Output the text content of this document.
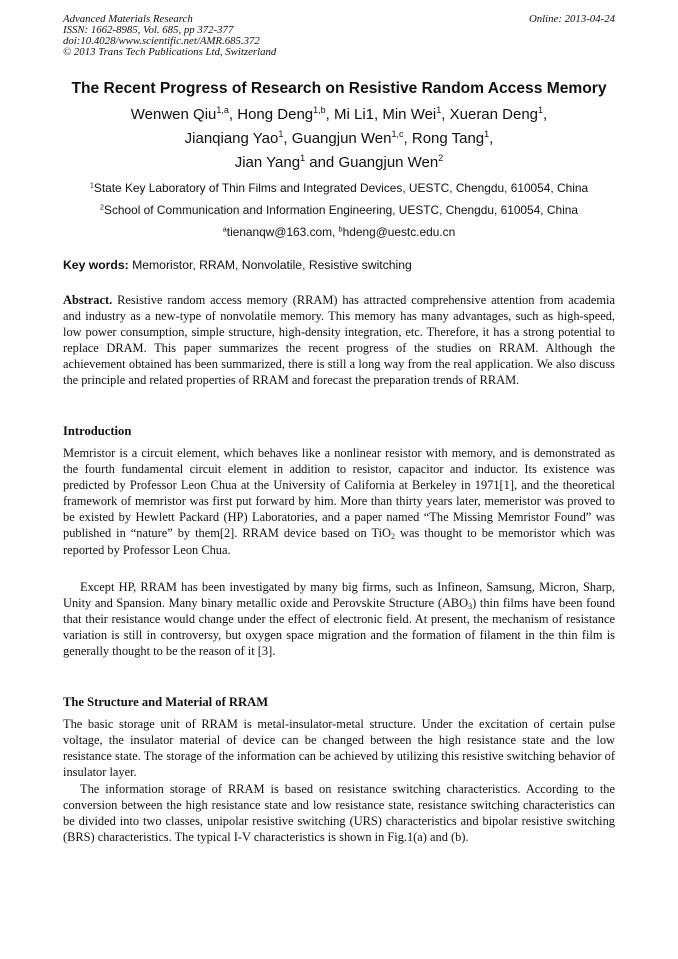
Advanced Materials Research
ISSN: 1662-8985, Vol. 685, pp 372-377
doi:10.4028/www.scientific.net/AMR.685.372
© 2013 Trans Tech Publications Ltd, Switzerland
Online: 2013-04-24
The Recent Progress of Research on Resistive Random Access Memory
Wenwen Qiu$^{1,a}$, Hong Deng$^{1,b}$, Mi Li1, Min Wei$^1$, Xueran Deng$^1$,
Jianqiang Yao$^1$, Guangjun Wen$^{1,c}$, Rong Tang$^1$,
Jian Yang$^1$ and Guangjun Wen$^2$
$^1$State Key Laboratory of Thin Films and Integrated Devices, UESTC, Chengdu, 610054, China
$^2$School of Communication and Information Engineering, UESTC, Chengdu, 610054, China
$^a$tienanqw@163.com, $^b$hdeng@uestc.edu.cn
Key words: Memoristor, RRAM, Nonvolatile, Resistive switching
Abstract. Resistive random access memory (RRAM) has attracted comprehensive attention from academia and industry as a new-type of nonvolatile memory. This memory has many advantages, such as high-speed, low power consumption, simple structure, high-density integration, etc. Therefore, it has a strong potential to replace DRAM. This paper summarizes the recent progress of the studies on RRAM. Although the achievement obtained has been summarized, there is still a long way from the real application. We also discuss the principle and related properties of RRAM and forecast the preparation trends of RRAM.
Introduction
Memristor is a circuit element, which behaves like a nonlinear resistor with memory, and is demonstrated as the fourth fundamental circuit element in addition to resistor, capacitor and inductor. Its existence was predicted by Professor Leon Chua at the University of California at Berkeley in 1971[1], and the theoretical framework of memristor was first put forward by him. More than thirty years later, memeristor was proved to be existed by Hewlett Packard (HP) Laboratories, and a paper named “The Missing Memristor Found” was published in “nature” by them[2]. RRAM device based on TiO$_2$ was thought to be memoristor which was reported by Professor Leon Chua.
Except HP, RRAM has been investigated by many big firms, such as Infineon, Samsung, Micron, Sharp, Unity and Spansion. Many binary metallic oxide and Perovskite Structure $(ABO_3)$ thin films have been found that their resistance would change under the effect of electronic field. At present, the mechanism of resistance variation is still in controversy, but oxygen space migration and the formation of filament in the thin film is generally thought to be the reason of it [3].
The Structure and Material of RRAM
The basic storage unit of RRAM is metal-insulator-metal structure. Under the excitation of certain pulse voltage, the insulator material of device can be changed between the high resistance state and the low resistance state. The storage of the information can be achieved by utilizing this resistive switching behavior of insulator layer.
The information storage of RRAM is based on resistance switching characteristics. According to the conversion between the high resistance state and low resistance state, resistance switching characteristics can be divided into two classes, unipolar resistive switching (URS) characteristics and bipolar resistive switching (BRS) characteristics. The typical I-V characteristics is shown in Fig.1(a) and (b).
